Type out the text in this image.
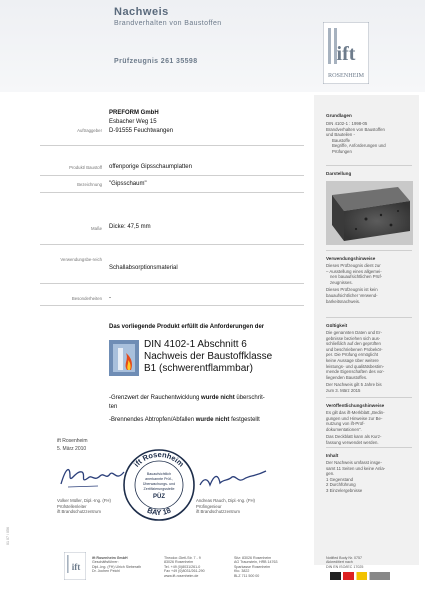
Nachweis
Brandverhalten von Baustoffen
Prüfzeugnis 261 35598	ift
ROSENHEIM
Auftraggeber
PREFORM GmbH
Esbacher Weg 15
D-91555 Feuchtwangen
Produkt/ Baustoff offenporige Gipsschaumplatten
Bezeichnung "Gipsschaum"
Maße Dicke: 47,5 mm
Verwendungsbe-reich
Schallabsorptionsmaterial
Besonderheiten -
Das vorliegende Produkt erfüllt die Anforderungen der
DIN 4102-1 Abschnitt 6
Nachweis der Baustoffklasse
B1 (schwerentflammbar)
-Grenzwert der Rauchentwicklung wurde nicht überschrit-
ten
-Brennendes Abtropfen/Abfallen wurde nicht festgestellt
ift Rosenheim
5. März 2010
Volker Müller, Dipl.-Ing. (FH)
Prüfstellenleiter
ift Brandschutzzentrum
Andreas Rauch, Dipl.-Ing. (FH)
Prüfingenieur
ift Brandschutzzentrum
ift Rosenheim
BAY 18
Bauaufsichtlich
anerkannte Prüf-,
Überwachungs- und
Zertifizierungsstelle
PÜZ
Grundlagen
DIN 4102-1 : 1998-05
Brandverhalten von Baustoffen
und Bauteilen -
Baustoffe
Begriffe, Anforderungen und
Prüfungen
Darstellung
Verwendungshinweise
Dieses Prüfzeugnis dient zur
– Ausstellung eines allgemei-
nen bauaufsichtlichen Prüf-
zeugnisses.
Dieses Prüfzeugnis ist kein
bauaufsichtlicher Verwend-
barkeitsnachweis.
Gültigkeit
Die genannten Daten und Er-
gebnisse beziehen sich aus-
schließlich auf den geprüften
und beschriebenen Probekör-
per. Die Prüfung ermöglicht
keine Aussage über weitere
leistungs- und qualitätsbestim-
mende Eigenschaften des vor-
liegenden Baustoffes.
Der Nachweis gilt 5 Jahre bis
zum 3. März 2015
Veröffentlichungshinweise
Es gilt das ift-Merkblatt „Bedin-
gungen und Hinweise zur Be-
nutzung von ift-Prüf-
dokumentationen".
Das Deckblatt kann als Kurz-
fassung verwendet werden.
Inhalt
Der Nachweis umfasst insge-
samt 11 Seiten und keine Anla-
gen.
1 Gegenstand
2 Durchführung
3 Einzelergebnisse
01 07 / 056
ift
ift Rosenheim GmbH
Geschäftsführer:
Dipl.-Ing. (FH) Ulrich Sieberath
Dr. Jochen Peichl
Theodor-Gietl-Str. 7 - 9
83026 Rosenheim
Tel. +49 (0)8031/261-0
Fax +49 (0)8031/261-290
www.ift-rosenheim.de
Sitz: 83026 Rosenheim
AG Traunstein, HRB 14763
Sparkasse Rosenheim
Kto. 3822
BLZ 711 500 00
Notified Body Nr. 0757
Akkreditiert nach
DIN EN ISO/IEC 17025
